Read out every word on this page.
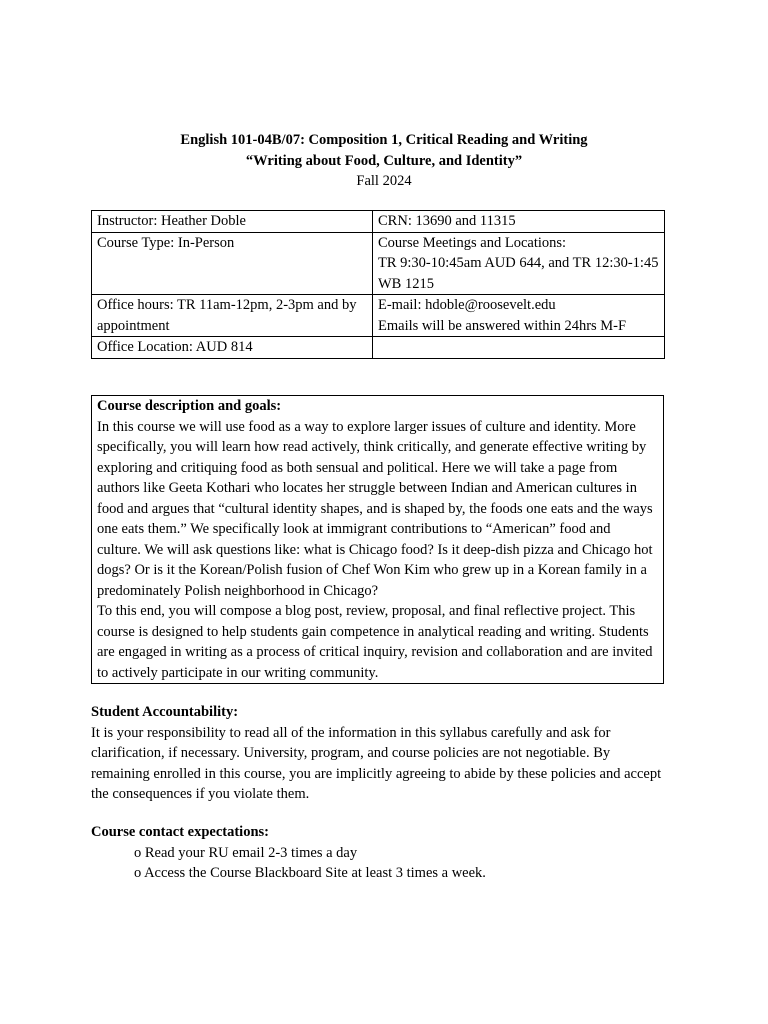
English 101-04B/07: Composition 1, Critical Reading and Writing
“Writing about Food, Culture, and Identity”
Fall 2024
Instructor: Heather Doble	CRN: 13690 and 11315
Course Type: In-Person	Course Meetings and Locations:
TR 9:30-10:45am AUD 644, and TR 12:30-1:45 WB 1215

Office hours: TR 11am-12pm, 2-3pm and by appointment	E-mail: hdoble@roosevelt.edu
Emails will be answered within 24hrs M-F

Office Location: AUD 814	

Course description and goals:

In this course we will use food as a way to explore larger issues of culture and identity. More specifically, you will learn how read actively, think critically, and generate effective writing by exploring and critiquing food as both sensual and political. Here we will take a page from authors like Geeta Kothari who locates her struggle between Indian and American cultures in food and argues that “cultural identity shapes, and is shaped by, the foods one eats and the ways one eats them.” We specifically look at immigrant contributions to “American” food and culture. We will ask questions like: what is Chicago food? Is it deep-dish pizza and Chicago hot dogs? Or is it the Korean/Polish fusion of Chef Won Kim who grew up in a Korean family in a predominately Polish neighborhood in Chicago?

To this end, you will compose a blog post, review, proposal, and final reflective project. This course is designed to help students gain competence in analytical reading and writing. Students are engaged in writing as a process of critical inquiry, revision and collaboration and are invited to actively participate in our writing community.

Student Accountability:

It is your responsibility to read all of the information in this syllabus carefully and ask for clarification, if necessary. University, program, and course policies are not negotiable. By remaining enrolled in this course, you are implicitly agreeing to abide by these policies and accept the consequences if you violate them.

Course contact expectations:

o Read your RU email 2-3 times a day
o Access the Course Blackboard Site at least 3 times a week.
